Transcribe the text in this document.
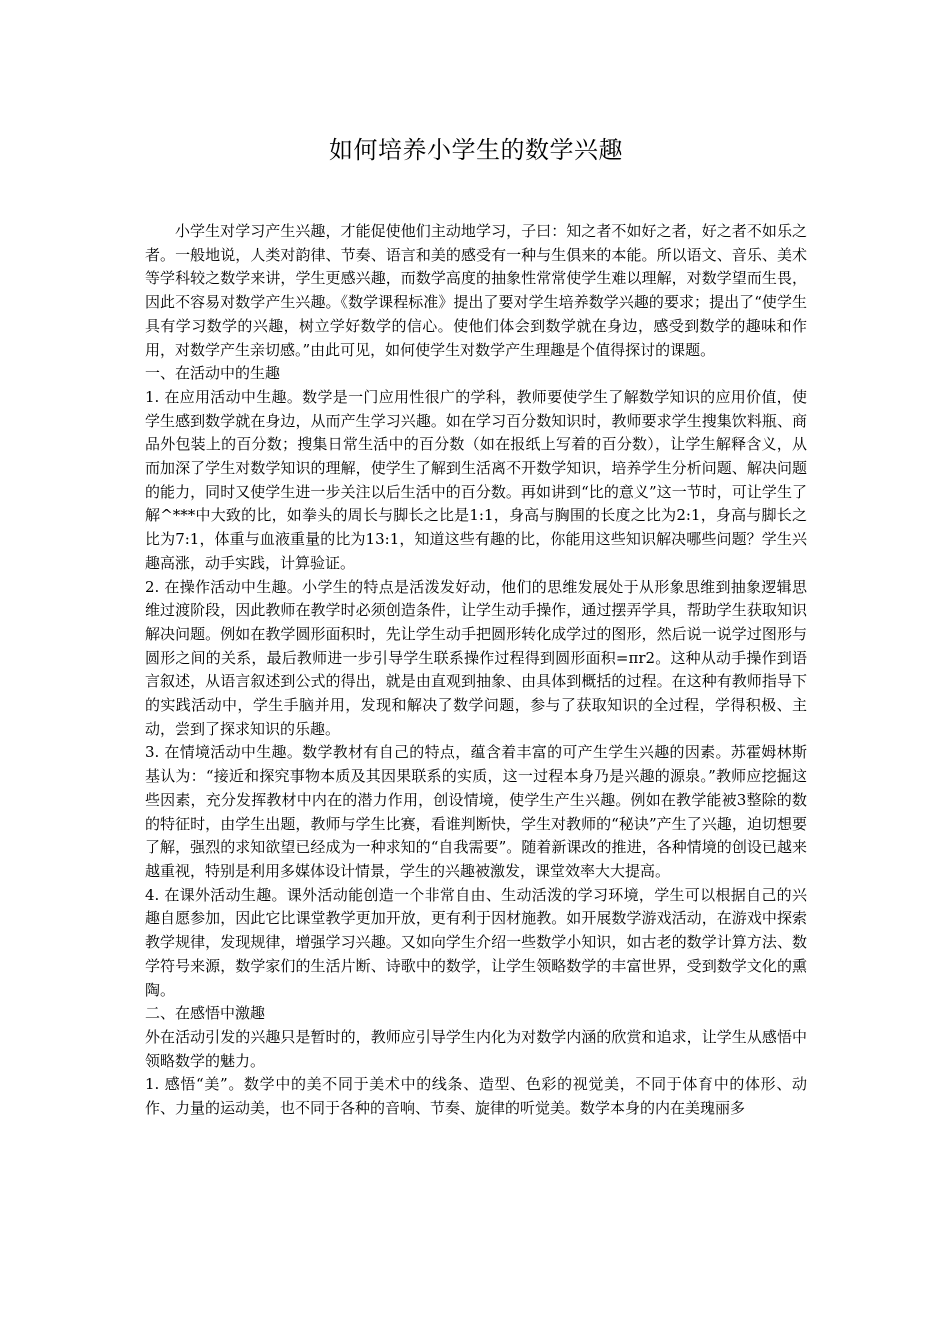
如何培养小学生的数学兴趣

小学生对学习产生兴趣，才能促使他们主动地学习，子曰：知之者不如好之者，好之者不如乐之者。一般地说，人类对韵律、节奏、语言和美的感受有一种与生俱来的本能。所以语文、音乐、美术等学科较之数学来讲，学生更感兴趣，而数学高度的抽象性常常使学生难以理解，对数学望而生畏，因此不容易对数学产生兴趣。《数学课程标准》提出了要对学生培养数学兴趣的要求；提出了“使学生具有学习数学的兴趣，树立学好数学的信心。使他们体会到数学就在身边，感受到数学的趣味和作用，对数学产生亲切感。”由此可见，如何使学生对数学产生理趣是个值得探讨的课题。

一、在活动中的生趣

1. 在应用活动中生趣。数学是一门应用性很广的学科，教师要使学生了解数学知识的应用价值，使学生感到数学就在身边，从而产生学习兴趣。如在学习百分数知识时，教师要求学生搜集饮料瓶、商品外包装上的百分数；搜集日常生活中的百分数（如在报纸上写着的百分数），让学生解释含义，从而加深了学生对数学知识的理解，使学生了解到生活离不开数学知识，培养学生分析问题、解决问题的能力，同时又使学生进一步关注以后生活中的百分数。再如讲到“比的意义”这一节时，可让学生了解^***中大致的比，如拳头的周长与脚长之比是1:1，身高与胸围的长度之比为2:1，身高与脚长之比为7:1，体重与血液重量的比为13:1，知道这些有趣的比，你能用这些知识解决哪些问题？学生兴趣高涨，动手实践，计算验证。

2. 在操作活动中生趣。小学生的特点是活泼发好动，他们的思维发展处于从形象思维到抽象逻辑思维过渡阶段，因此教师在教学时必须创造条件，让学生动手操作，通过摆弄学具，帮助学生获取知识解决问题。例如在教学圆形面积时，先让学生动手把圆形转化成学过的图形，然后说一说学过图形与圆形之间的关系，最后教师进一步引导学生联系操作过程得到圆形面积=πr2。这种从动手操作到语言叙述，从语言叙述到公式的得出，就是由直观到抽象、由具体到概括的过程。在这种有教师指导下的实践活动中，学生手脑并用，发现和解决了数学问题，参与了获取知识的全过程，学得积极、主动，尝到了探求知识的乐趣。

3. 在情境活动中生趣。数学教材有自己的特点，蕴含着丰富的可产生学生兴趣的因素。苏霍姆林斯基认为：“接近和探究事物本质及其因果联系的实质，这一过程本身乃是兴趣的源泉。”教师应挖掘这些因素，充分发挥教材中内在的潜力作用，创设情境，使学生产生兴趣。例如在教学能被3整除的数的特征时，由学生出题，教师与学生比赛，看谁判断快，学生对教师的“秘诀”产生了兴趣，迫切想要了解，强烈的求知欲望已经成为一种求知的“自我需要”。随着新课改的推进，各种情境的创设已越来越重视，特别是利用多媒体设计情景，学生的兴趣被激发，课堂效率大大提高。

4. 在课外活动生趣。课外活动能创造一个非常自由、生动活泼的学习环境，学生可以根据自己的兴趣自愿参加，因此它比课堂教学更加开放，更有利于因材施教。如开展数学游戏活动，在游戏中探索教学规律，发现规律，增强学习兴趣。又如向学生介绍一些数学小知识，如古老的数学计算方法、数学符号来源，数学家们的生活片断、诗歌中的数学，让学生领略数学的丰富世界，受到数学文化的熏陶。

二、在感悟中激趣

外在活动引发的兴趣只是暂时的，教师应引导学生内化为对数学内涵的欣赏和追求，让学生从感悟中领略数学的魅力。

1. 感悟“美”。数学中的美不同于美术中的线条、造型、色彩的视觉美，不同于体育中的体形、动作、力量的运动美，也不同于各种的音响、节奏、旋律的听觉美。数学本身的内在美瑰丽多
